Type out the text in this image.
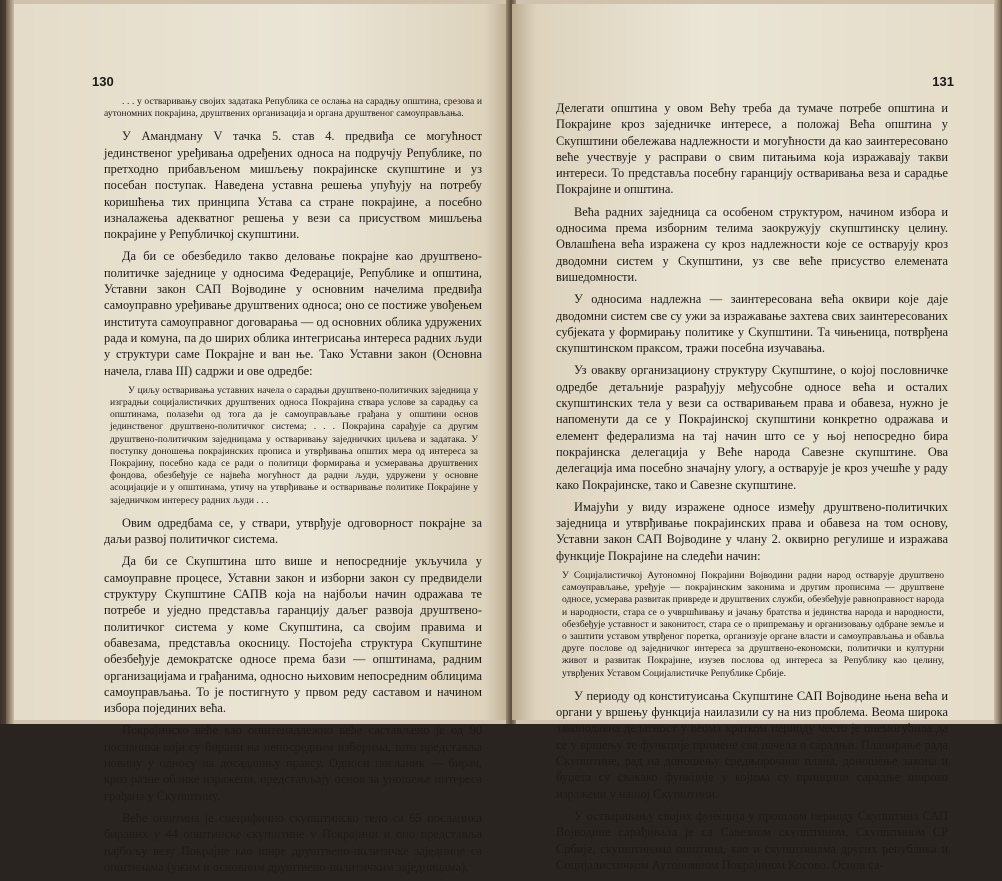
130

. . . у остваривању својих задатака Република се ослања на сарадњу општина, срезова и аутономних покрајина, друштвених организација и органа друштвеног самоуправљања.

У Амандману V тачка 5. став 4. предвиђа се могућност јединственог уређивања одређених односа на подручју Републике, по претходно прибављеном мишљењу покрајинске скупштине и уз посебан поступак. Наведена уставна решења упућују на потребу коришћења тих принципа Устава са стране покрајине, а посебно изналажења адекватног решења у вези са присуством мишљења покрајине у Републичкој скупштини.

Да би се обезбедило такво деловање покрајне као друштвено-политичке заједнице у односима Федерације, Републике и општина, Уставни закон САП Војводине у основним начелима предвиђа самоуправно уређивање друштвених односа; оно се постиже увођењем института самоуправног договарања — од основних облика удружених рада и комуна, па до ширих облика интегрисања интереса радних људи у структури саме Покрајне и ван ње. Тако Уставни закон (Основна начела, глава III) садржи и ове одредбе:

У циљу остваривања уставних начела о сарадњи друштвено-политичких заједница у изградњи социјалистичких друштвених односа Покрајина ствара услове за сарадњу са општинама, полазећи од тога да је самоуправљање грађана у општини основ јединственог друштвено-политичког система; . . . Покрајина сарађује са другим друштвено-политичким заједницама у остваривању заједничких циљева и задатака. У поступку доношења покрајинских прописа и утврђивања општих мера од интереса за Покрајину, посебно када се ради о политици формирања и усмеравања друштвених фондова, обезбеђује се највећа могућност да радни људи, удружени у основне асоцијације и у општинама, утичу на утврђивање и остваривање политике Покрајине у заједничком интересу радних људи . . .

Овим одредбама се, у ствари, утврђује одговорност покрајне за даљи развој политичког система.

Да би се Скупштина што више и непосредније укључила у самоуправне процесе, Уставни закон и изборни закон су предвидели структуру Скупштине САПВ која на најбољи начин одражава те потребе и уједно представља гаранцију даљег развоја друштвено-политичког система у коме Скупштина, са својим правима и обавезама, представља окосницу. Постојећа структура Скупштине обезбеђује демократске односе према бази — општинама, радним организацијама и грађанима, односно њиховим непосредним облицима самоуправљања. То је постигнуто у првом реду саставом и начином избора појединих већа.

Покрајинско веће као општенадлежно веће састављено је од 90 посланика који су бирани на непосредним изборима, што представља новину у односу на досадашњу праксу. Односи посланик — бирач, кроз разне облике изражени, представљају основ за уношење интереса грађана у Скупштину.

Веће општина је специфично скупштинско тело са 65 посланика бираних у 44 општинске скупштине у Покрајини и оно представља најбољу везу Покрајне као шире друштвено-политичке заједнице са општинама (ужим и основним друштвено-политичким заједницама).

131

Делегати општина у овом Већу треба да тумаче потребе општина и Покрајине кроз заједничке интересе, а положај Већа општина у Скупштини обележава надлежности и могућности да као заинтересовано веће учествује у расправи о свим питањима која изражавају такви интереси. То представља посебну гаранцију остваривања веза и сарадње Покрајине и општина.

Већа радних заједница са особеном структуром, начином избора и односима према изборним телима заокружују скупштинску целину. Овлашћена већа изражена су кроз надлежности које се остварују кроз дводомни систем у Скупштини, уз све веће присуство елемената вишедомности.

У односима надлежна — заинтересована већа оквири које даје дводомни систем све су ужи за изражавање захтева свих заинтересованих субјеката у формирању политике у Скупштини. Та чињеница, потврђена скупштинском праксом, тражи посебна изучавања.

Уз овакву организациону структуру Скупштине, о којој пословничке одредбе детаљније разрађују међусобне односе већа и осталих скупштинских тела у вези са остваривањем права и обавеза, нужно је напоменути да се у Покрајинској скупштини конкретно одражава и елемент федерализма на тај начин што се у њој непосредно бира покрајинска делегација у Веће народа Савезне скупштине. Ова делегација има посебно значајну улогу, а остварује је кроз учешће у раду како Покрајинске, тако и Савезне скупштине.

Имајући у виду изражене односе између друштвено-политичких заједница и утврђивање покрајинских права и обавеза на том основу, Уставни закон САП Војводине у члану 2. оквирно регулише и изражава функције Покрајине на следећи начин:

У Социјалистичкој Аутономној Покрајини Војводини радни народ остварује друштвено самоуправљање, уређује — покрајинским законима и другим прописима — друштвене односе, усмерава развитак привреде и друштвених служби, обезбеђује равноправност народа и народности, стара се о учвршћивању и јачању братства и јединства народа и народности, обезбеђује уставност и законитост, стара се о припремању и организовању одбране земље и о заштити уставом утврђеног поретка, организује органе власти и самоуправљања и обавља друге послове од заједничког интереса за друштвено-економски, политички и културни живот и развитак Покрајине, изузев послова од интереса за Републику као целину, утврђених Уставом Социјалистичке Републике Србије.

У периоду од конституисања Скупштине САП Војводине њена већа и органи у вршењу функција наилазили су на низ проблема. Веома широка законодавна делатност у веома кратком периоду често је онемогућила да се у вршењу те функције примене сва начела о сарадњи. Планирање рада Скупштине, рад на доношењу средњорочног плана, доношење закона и буџета су свакако функције у којима су принципи сарадње широко изражени у нашој Скупштини.

У остваривању својих функција у прошлом периоду Скупштина САП Војводине сарађивала је са Савезном скупштином, Скупштином СР Србије, скупштинама општина, као и скупштинама других република и Социјалистичком Аутономном Покрајином Косово. Основ са-
